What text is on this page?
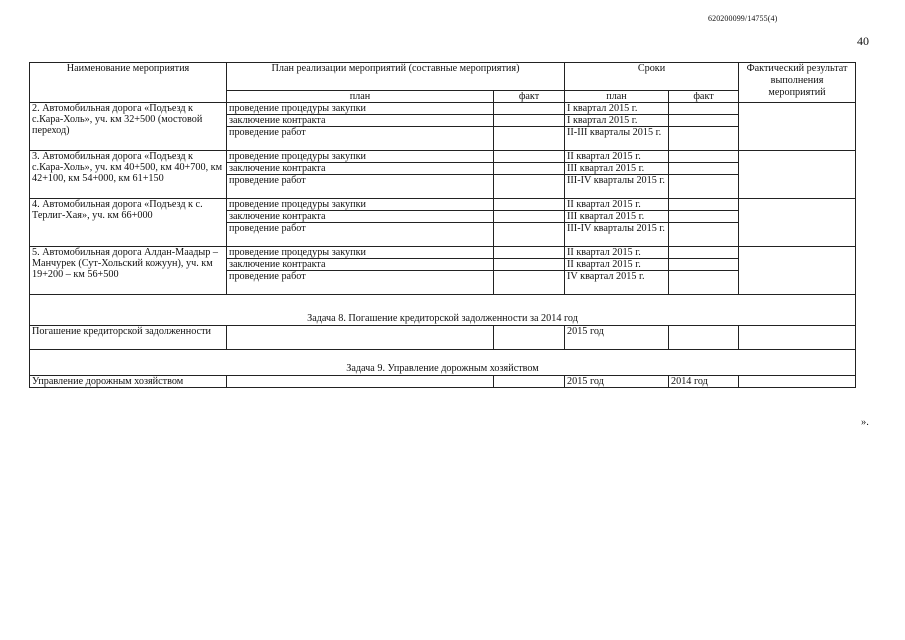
620200099/14755(4)
40
Наименование мероприятия	План реализации мероприятий (составные мероприятия)		Сроки		Фактический результат выполнения мероприятий
	план	факт	план	факт	
2. Автомобильная дорога «Подъезд к с.Кара-Холь», уч. км 32+500 (мостовой переход)	проведение процедуры закупки		I квартал 2015 г.		
	заключение контракта		I квартал 2015 г.		
	проведение работ		II-III кварталы 2015 г.		
3. Автомобильная дорога «Подъезд к с.Кара-Холь», уч. км 40+500, км 40+700, км 42+100, км 54+000, км 61+150	проведение процедуры закупки		II квартал 2015 г.		
	заключение контракта		III квартал 2015 г.		
	проведение работ		III-IV кварталы 2015 г.		
4. Автомобильная дорога «Подъезд к с. Терлиг-Хая», уч. км 66+000	проведение процедуры закупки		II квартал 2015 г.		
	заключение контракта		III квартал 2015 г.		
	проведение работ		III-IV кварталы 2015 г.		
5. Автомобильная дорога Алдан-Маадыр – Манчурек (Сут-Хольский кожуун), уч. км 19+200 – км 56+500	проведение процедуры закупки		II квартал 2015 г.		
	заключение контракта		II квартал 2015 г.		
	проведение работ		IV квартал 2015 г.		
Задача 8. Погашение кредиторской задолженности за 2014 год					
Погашение кредиторской задолженности			2015 год		
Задача 9. Управление дорожным хозяйством					
Управление дорожным хозяйством			2015 год	2014 год	
».
